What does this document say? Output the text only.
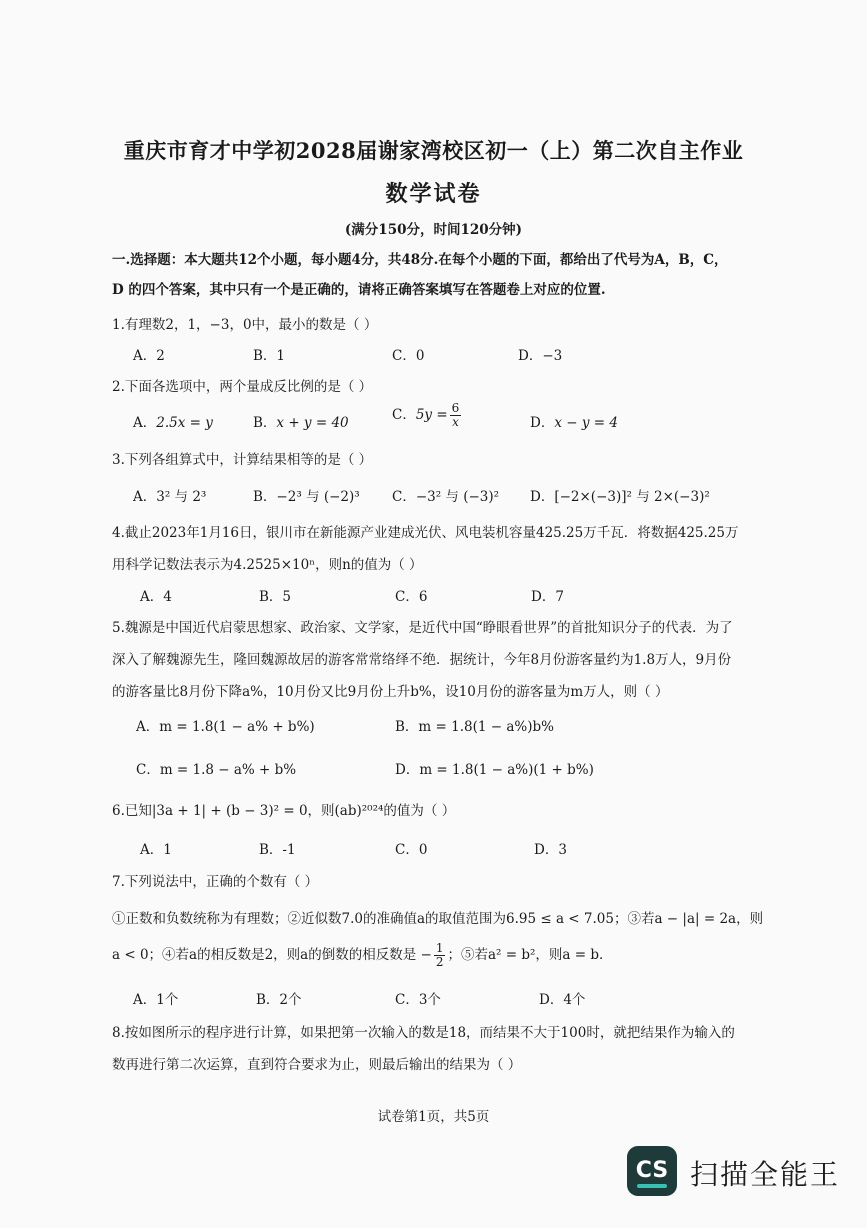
重庆市育才中学初2028届谢家湾校区初一（上）第二次自主作业
数学试卷
(满分150分，时间120分钟)
一.选择题：本大题共12个小题，每小题4分，共48分.在每个小题的下面，都给出了代号为A，B，C，
D 的四个答案，其中只有一个是正确的，请将正确答案填写在答题卷上对应的位置.
1.有理数2，1，−3，0中，最小的数是（ ）
A．2	B．1	C．0	D．−3
2.下面各选项中，两个量成反比例的是（ ）
A．2.5x = y	B．x + y = 40	C．$5y = \frac{6}{x}$	D．x − y = 4
3.下列各组算式中，计算结果相等的是（ ）
A．3² 与 2³	B．−2³ 与 (−2)³ C．−3² 与 (−3)² D．[−2×(−3)]² 与 2×(−3)²
4.截止2023年1月16日，银川市在新能源产业建成光伏、风电装机容量425.25万千瓦．将数据425.25万
用科学记数法表示为4.2525×10ⁿ，则n的值为（ ）
A．4	B．5	C．6	D．7
5.魏源是中国近代启蒙思想家、政治家、文学家，是近代中国“睁眼看世界”的首批知识分子的代表．为了
深入了解魏源先生，隆回魏源故居的游客常常络绎不绝．据统计，今年8月份游客量约为1.8万人，9月份
的游客量比8月份下降a%，10月份又比9月份上升b%，设10月份的游客量为m万人，则（ ）
A．m = 1.8(1 − a% + b%)	B．m = 1.8(1 − a%)b%
C．m = 1.8 − a% + b%	D．m = 1.8(1 − a%)(1 + b%)
6.已知|3a + 1| + (b − 3)² = 0，则(ab)²⁰²⁴的值为（ ）
A．1	B．-1	C．0	D．3
7.下列说法中，正确的个数有（ ）
①正数和负数统称为有理数；②近似数7.0的准确值a的取值范围为6.95 ≤ a < 7.05；③若a − |a| = 2a，则
a < 0；④若a的相反数是2，则a的倒数的相反数是 − $\frac{1}{2}$ ；⑤若a² = b²，则a = b．
A．1个	B．2个	C．3个	D．4个
8.按如图所示的程序进行计算，如果把第一次输入的数是18，而结果不大于100时，就把结果作为输入的
数再进行第二次运算，直到符合要求为止，则最后输出的结果为（ ）
试卷第1页，共5页
CS 扫描全能王
